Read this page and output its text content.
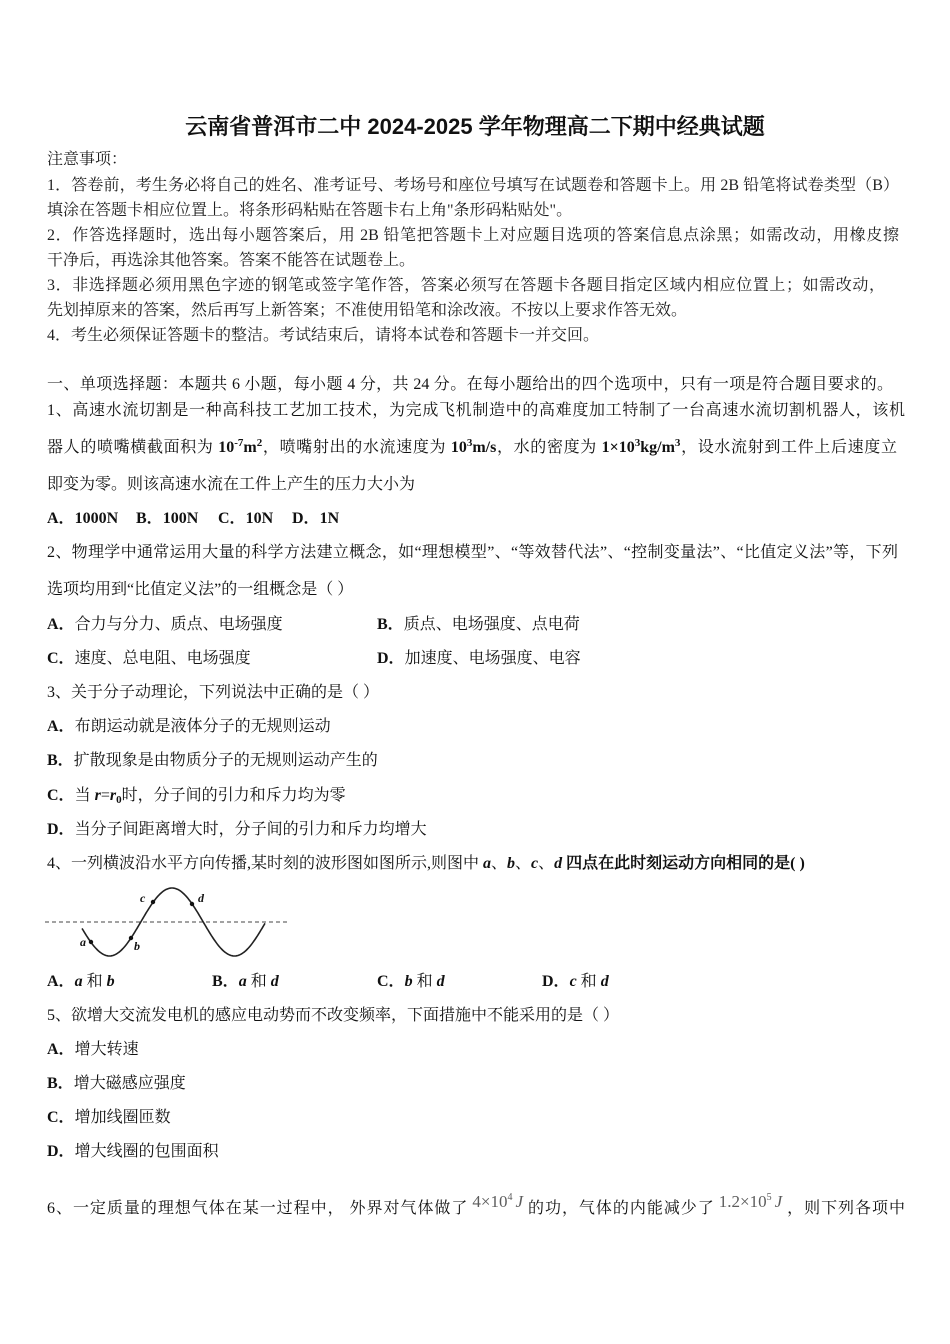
云南省普洱市二中 2024-2025 学年物理高二下期中经典试题
注意事项：
1．答卷前，考生务必将自己的姓名、准考证号、考场号和座位号填写在试题卷和答题卡上。用 2B 铅笔将试卷类型（B）
填涂在答题卡相应位置上。将条形码粘贴在答题卡右上角"条形码粘贴处"。
2．作答选择题时，选出每小题答案后，用 2B 铅笔把答题卡上对应题目选项的答案信息点涂黑；如需改动，用橡皮擦
干净后，再选涂其他答案。答案不能答在试题卷上。
3．非选择题必须用黑色字迹的钢笔或签字笔作答，答案必须写在答题卡各题目指定区域内相应位置上；如需改动，
先划掉原来的答案，然后再写上新答案；不准使用铅笔和涂改液。不按以上要求作答无效。
4．考生必须保证答题卡的整洁。考试结束后，请将本试卷和答题卡一并交回。
一、单项选择题：本题共 6 小题，每小题 4 分，共 24 分。在每小题给出的四个选项中，只有一项是符合题目要求的。
1、高速水流切割是一种高科技工艺加工技术，为完成飞机制造中的高难度加工特制了一台高速水流切割机器人，该机
器人的喷嘴横截面积为 $10^{-7}m^2$，喷嘴射出的水流速度为 $10^3m/s$，水的密度为 $1\times 10^3kg/m^3$，设水流射到工件上后速度立
即变为零。则该高速水流在工件上产生的压力大小为
A．1000N B．100N C．10N D．1N
2、物理学中通常运用大量的科学方法建立概念，如“理想模型”、“等效替代法”、“控制变量法”、“比值定义法”等，下列
选项均用到“比值定义法”的一组概念是（ ）
A．合力与分力、质点、电场强度	B．质点、电场强度、点电荷
C．速度、总电阻、电场强度	D．加速度、电场强度、电容
3、关于分子动理论，下列说法中正确的是（ ）
A．布朗运动就是液体分子的无规则运动
B．扩散现象是由物质分子的无规则运动产生的
C．当 $r=r_0$时，分子间的引力和斥力均为零
D．当分子间距离增大时，分子间的引力和斥力均增大
4、一列横波沿水平方向传播,某时刻的波形图如图所示,则图中 a、b、c、d 四点在此时刻运动方向相同的是( )
a	b
c	d
A．a 和 b	B．a 和 d	C．b 和 d	D．c 和 d
5、欲增大交流发电机的感应电动势而不改变频率，下面措施中不能采用的是（ ）
A．增大转速
B．增大磁感应强度
C．增加线圈匝数
D．增大线圈的包围面积
6、一定质量的理想气体在某一过程中， 外界对气体做了 $4\times 10^4$ J 的功，气体的内能减少了 $1.2\times 10^5$ J ，则下列各项中
